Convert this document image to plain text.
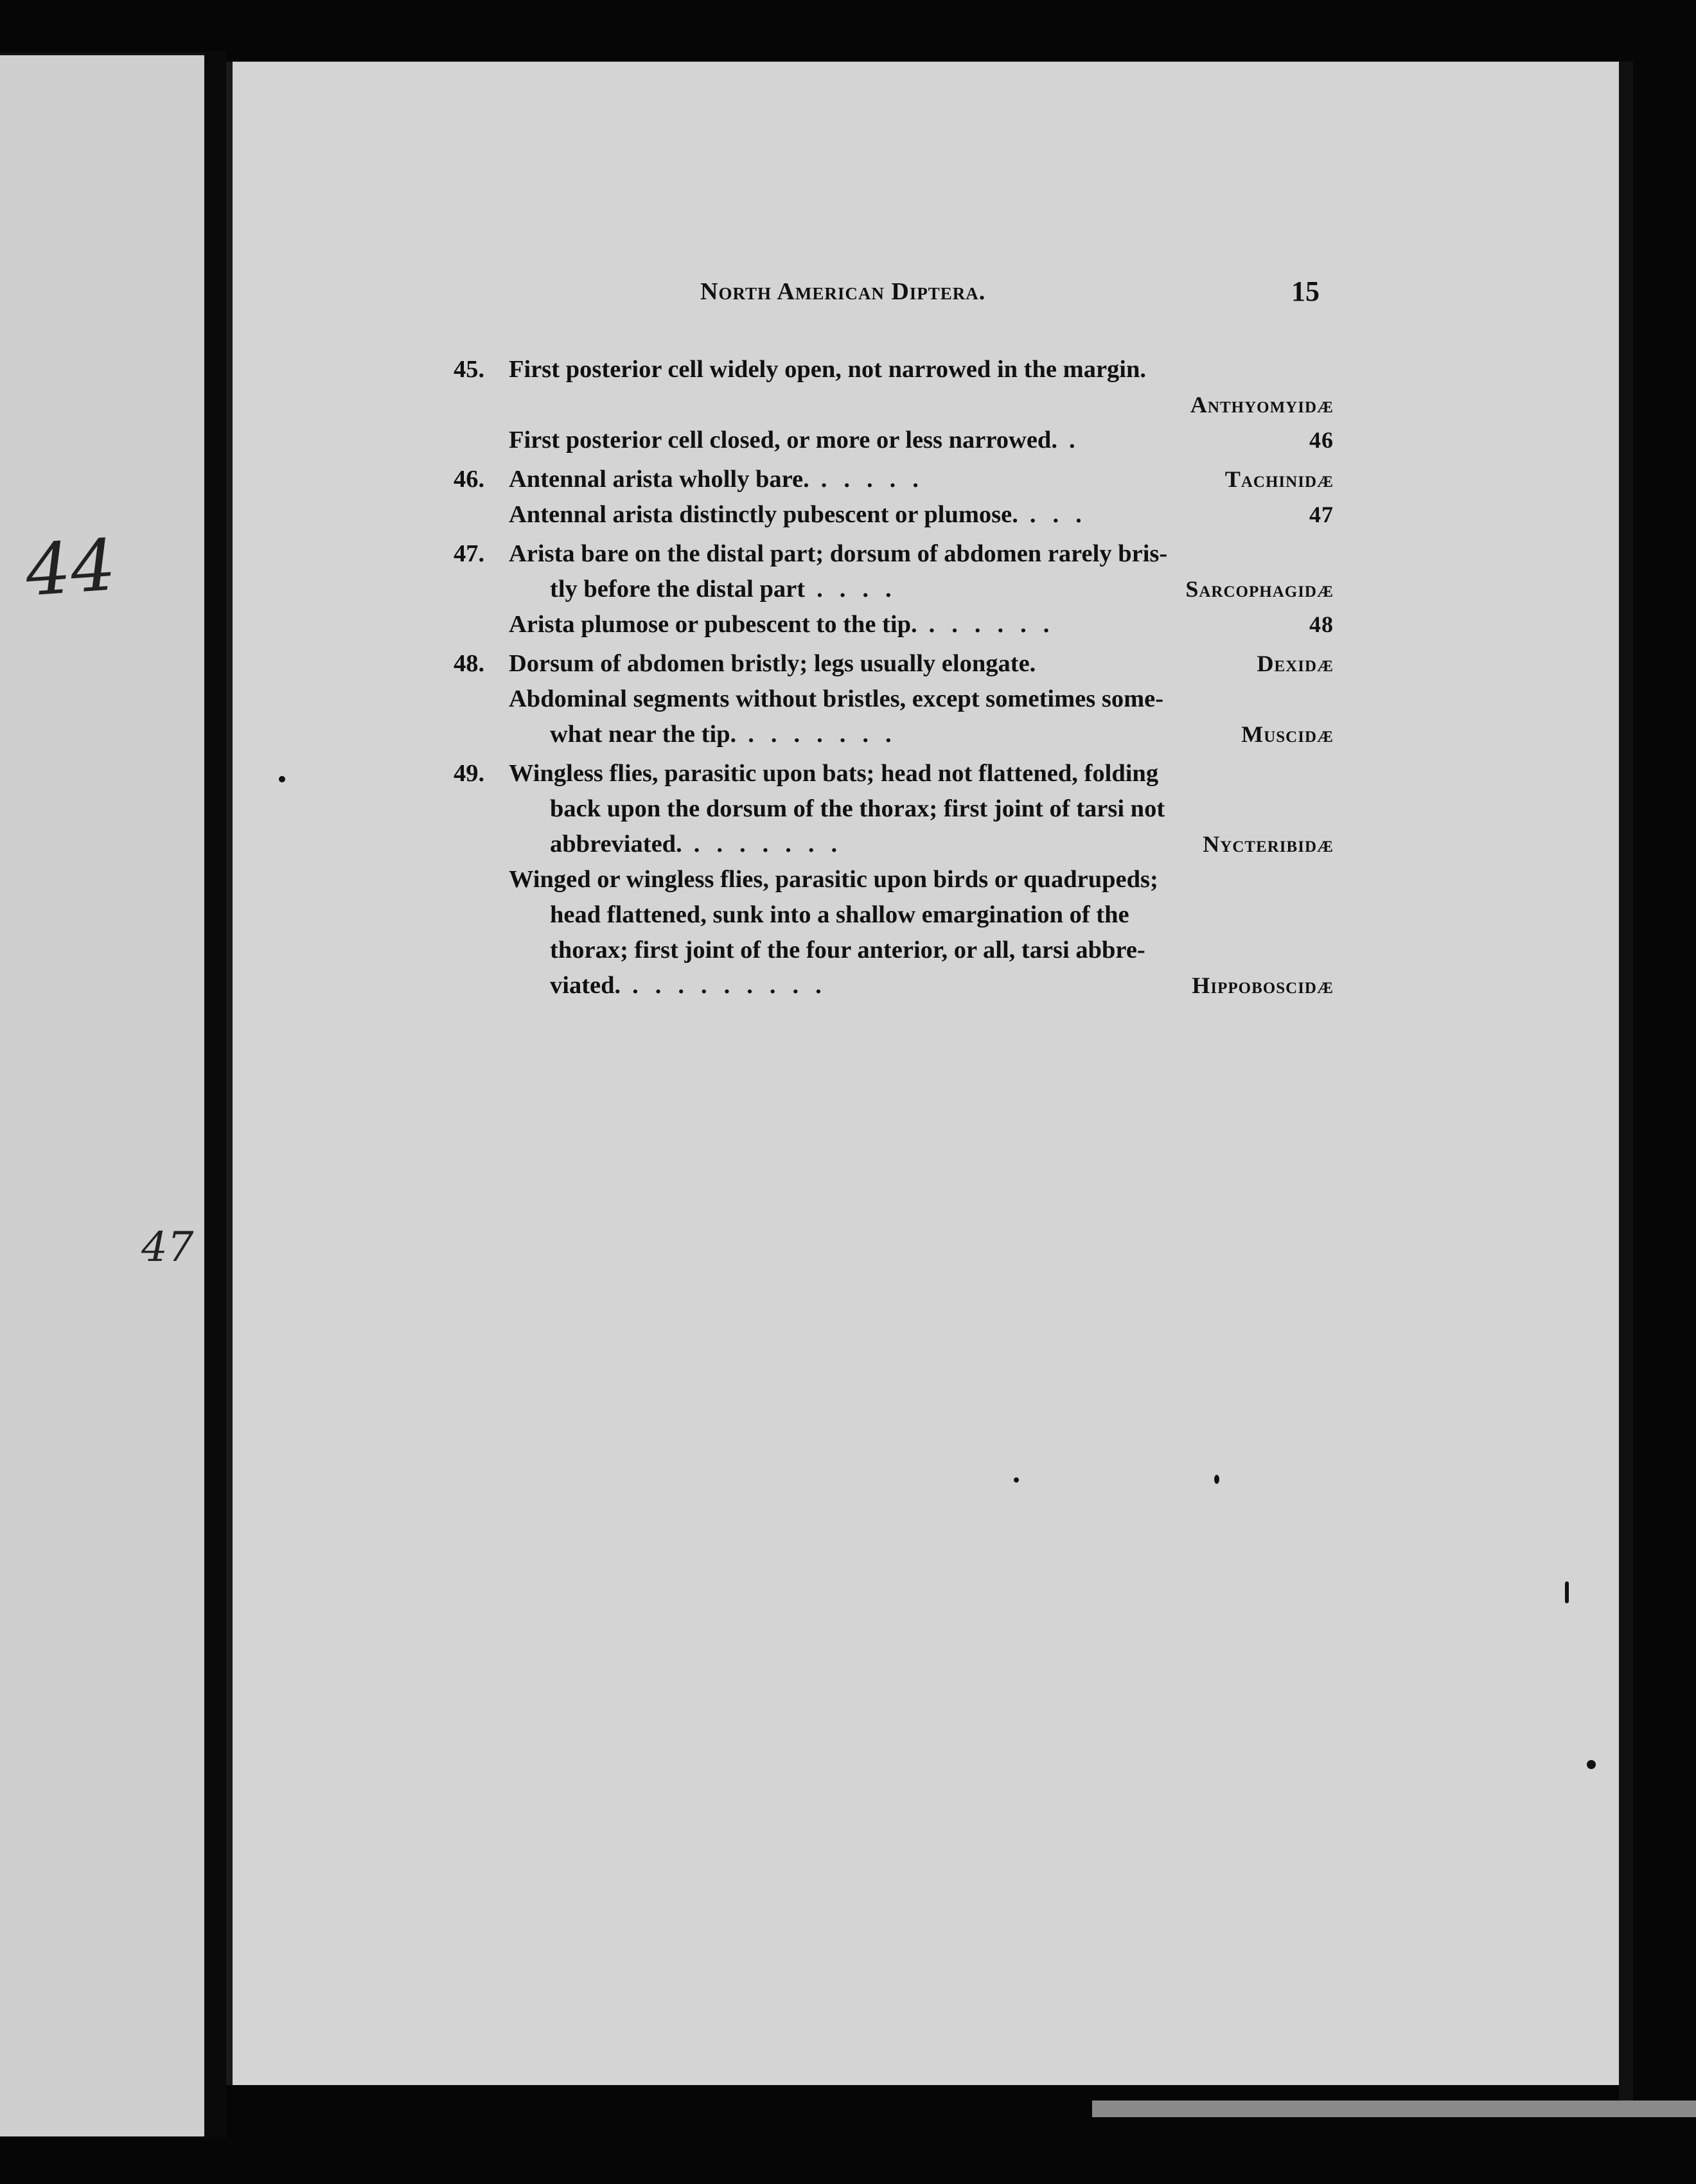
44
47
North American Diptera.	15
45. First posterior cell widely open, not narrowed in the margin.
Anthyomyidæ
First posterior cell closed, or more or less narrowed. .	46
46. Antennal arista wholly bare. .....	Tachinidæ
Antennal arista distinctly pubescent or plumose. ...	47
47. Arista bare on the distal part; dorsum of abdomen rarely bris-
tly before the distal part ....	Sarcophagidæ
Arista plumose or pubescent to the tip. ......	48
48. Dorsum of abdomen bristly; legs usually elongate.	Dexidæ
Abdominal segments without bristles, except sometimes some-
what near the tip. .......	Muscidæ
49. Wingless flies, parasitic upon bats; head not flattened, folding
back upon the dorsum of the thorax; first joint of tarsi not
abbreviated. .......	Nycteribidæ
Winged or wingless flies, parasitic upon birds or quadrupeds;
head flattened, sunk into a shallow emargination of the
thorax; first joint of the four anterior, or all, tarsi abbre-
viated. .........	Hippoboscidæ
